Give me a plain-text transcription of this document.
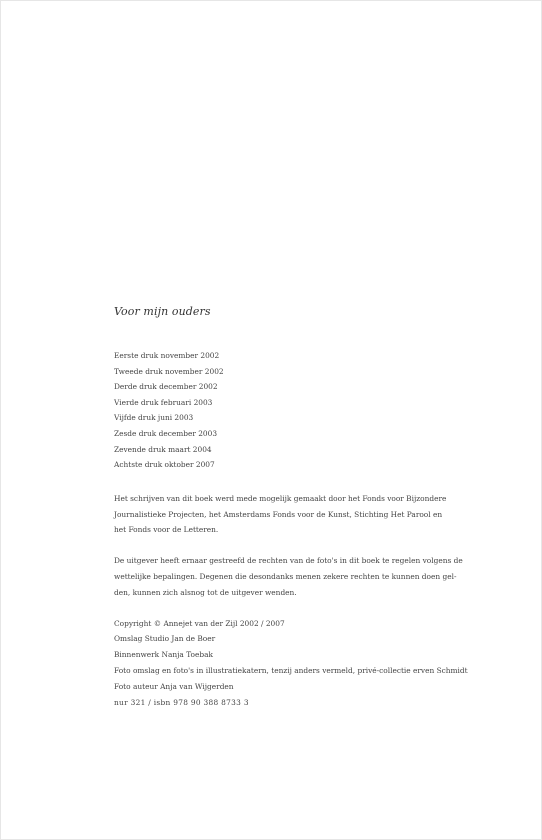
Voor mijn ouders
Eerste druk november 2002
Tweede druk november 2002
Derde druk december 2002
Vierde druk februari 2003
Vijfde druk juni 2003
Zesde druk december 2003
Zevende druk maart 2004
Achtste druk oktober 2007
Het schrijven van dit boek werd mede mogelijk gemaakt door het Fonds voor Bijzondere
Journalistieke Projecten, het Amsterdams Fonds voor de Kunst, Stichting Het Parool en
het Fonds voor de Letteren.
De uitgever heeft ernaar gestreefd de rechten van de foto's in dit boek te regelen volgens de
wettelijke bepalingen. Degenen die desondanks menen zekere rechten te kunnen doen gel-
den, kunnen zich alsnog tot de uitgever wenden.
Copyright © Annejet van der Zijl 2002 / 2007
Omslag Studio Jan de Boer
Binnenwerk Nanja Toebak
Foto omslag en foto's in illustratiekatern, tenzij anders vermeld, privé-collectie erven Schmidt
Foto auteur Anja van Wijgerden
nur 321 / isbn 978 90 388 8733 3
